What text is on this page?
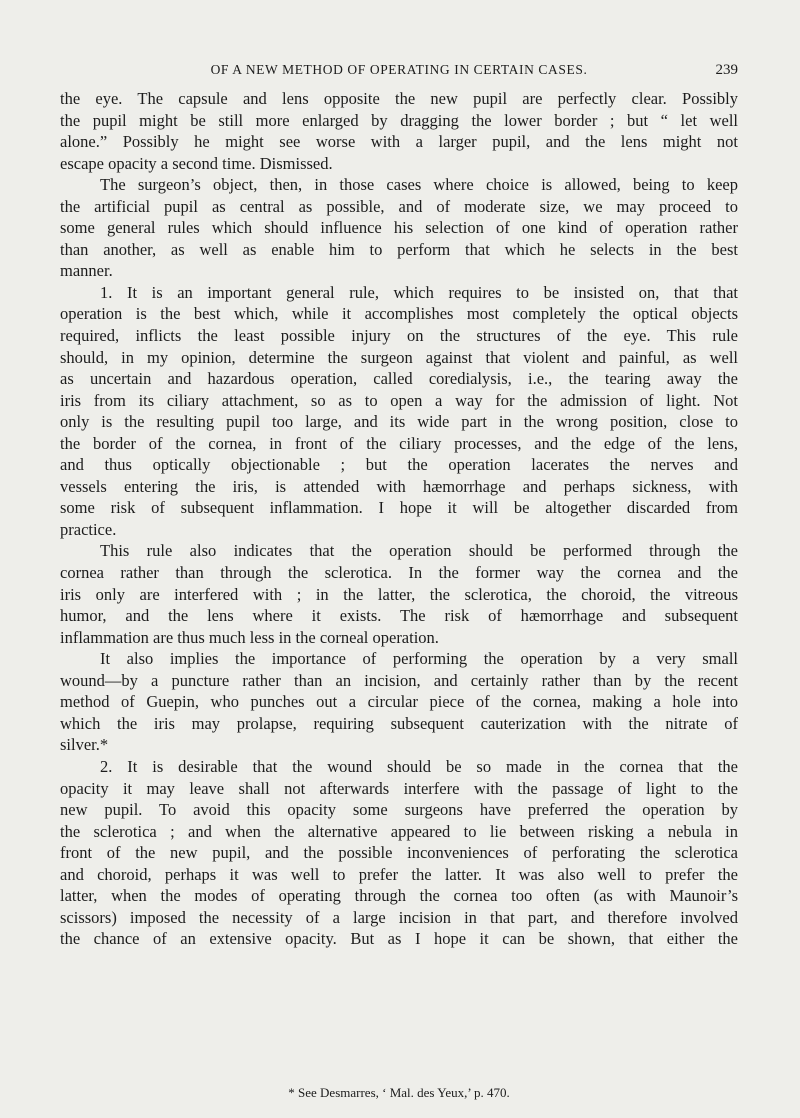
OF A NEW METHOD OF OPERATING IN CERTAIN CASES.	239
the eye. The capsule and lens opposite the new pupil are perfectly clear. Possibly
the pupil might be still more enlarged by dragging the lower border ; but “ let well
alone.” Possibly he might see worse with a larger pupil, and the lens might not
escape opacity a second time. Dismissed.
The surgeon’s object, then, in those cases where choice is allowed, being to keep
the artificial pupil as central as possible, and of moderate size, we may proceed to
some general rules which should influence his selection of one kind of operation rather
than another, as well as enable him to perform that which he selects in the best
manner.
1. It is an important general rule, which requires to be insisted on, that that
operation is the best which, while it accomplishes most completely the optical objects
required, inflicts the least possible injury on the structures of the eye. This rule
should, in my opinion, determine the surgeon against that violent and painful, as well
as uncertain and hazardous operation, called coredialysis, i.e., the tearing away the
iris from its ciliary attachment, so as to open a way for the admission of light. Not
only is the resulting pupil too large, and its wide part in the wrong position, close to
the border of the cornea, in front of the ciliary processes, and the edge of the lens,
and thus optically objectionable ; but the operation lacerates the nerves and
vessels entering the iris, is attended with hæmorrhage and perhaps sickness, with
some risk of subsequent inflammation. I hope it will be altogether discarded from
practice.
This rule also indicates that the operation should be performed through the
cornea rather than through the sclerotica. In the former way the cornea and the
iris only are interfered with ; in the latter, the sclerotica, the choroid, the vitreous
humor, and the lens where it exists. The risk of hæmorrhage and subsequent
inflammation are thus much less in the corneal operation.
It also implies the importance of performing the operation by a very small
wound—by a puncture rather than an incision, and certainly rather than by the recent
method of Guepin, who punches out a circular piece of the cornea, making a hole into
which the iris may prolapse, requiring subsequent cauterization with the nitrate of
silver.*
2. It is desirable that the wound should be so made in the cornea that the
opacity it may leave shall not afterwards interfere with the passage of light to the
new pupil. To avoid this opacity some surgeons have preferred the operation by
the sclerotica ; and when the alternative appeared to lie between risking a nebula in
front of the new pupil, and the possible inconveniences of perforating the sclerotica
and choroid, perhaps it was well to prefer the latter. It was also well to prefer the
latter, when the modes of operating through the cornea too often (as with Maunoir’s
scissors) imposed the necessity of a large incision in that part, and therefore involved
the chance of an extensive opacity. But as I hope it can be shown, that either the
* See Desmarres, ‘ Mal. des Yeux,’ p. 470.
